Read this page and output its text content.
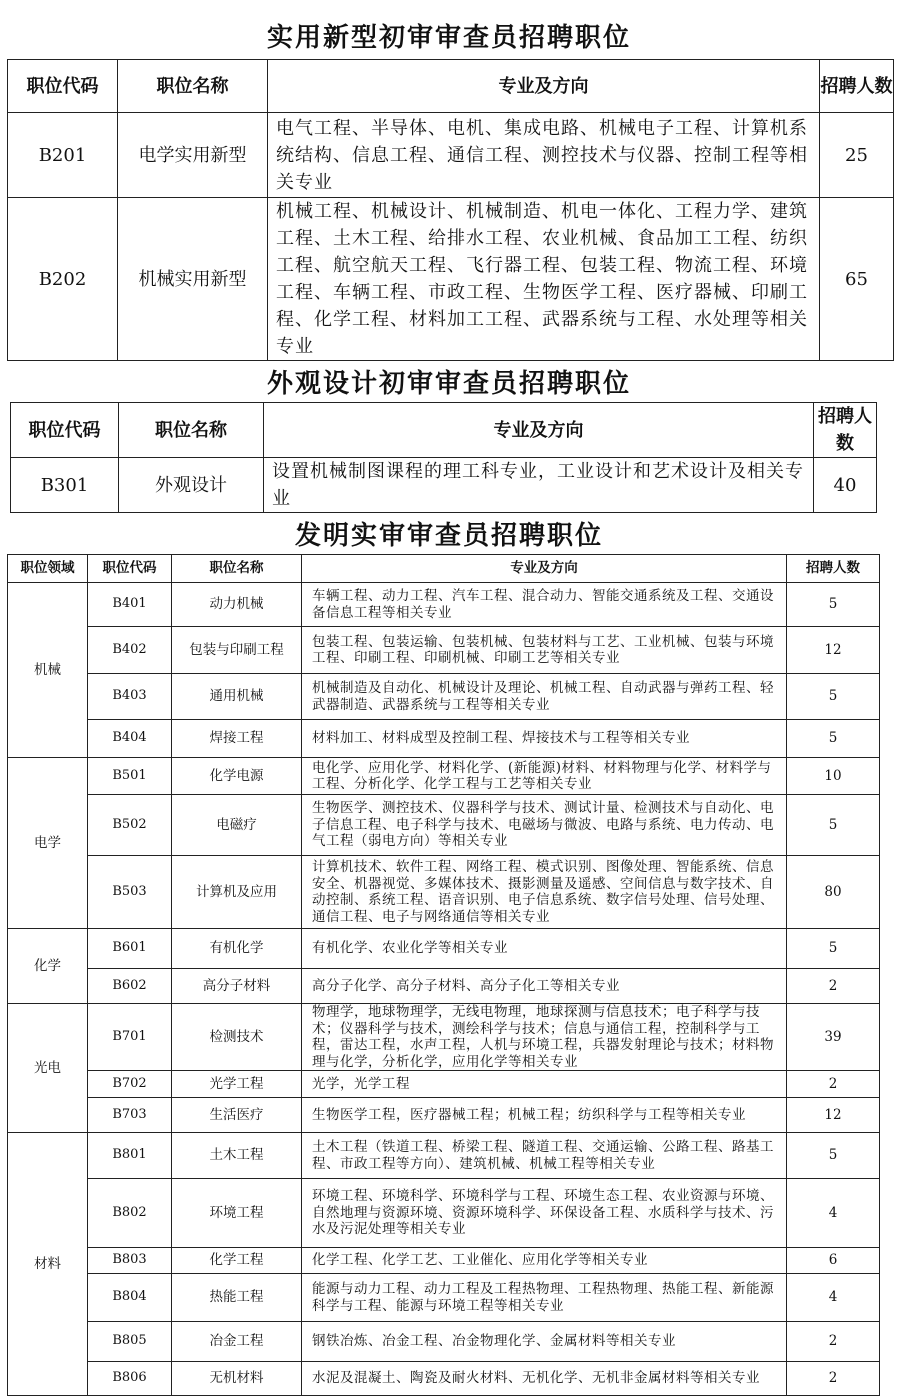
实用新型初审审查员招聘职位
职位代码	职位名称	专业及方向	招聘人数
B201	电学实用新型	电气工程、半导体、电机、集成电路、机械电子工程、计算机系统结构、信息工程、通信工程、测控技术与仪器、控制工程等相关专业	25
B202	机械实用新型	机械工程、机械设计、机械制造、机电一体化、工程力学、建筑工程、土木工程、给排水工程、农业机械、食品加工工程、纺织工程、航空航天工程、飞行器工程、包装工程、物流工程、环境工程、车辆工程、市政工程、生物医学工程、医疗器械、印刷工程、化学工程、材料加工工程、武器系统与工程、水处理等相关专业	65
外观设计初审审查员招聘职位
职位代码	职位名称	专业及方向	招聘人数
B301	外观设计	设置机械制图课程的理工科专业，工业设计和艺术设计及相关专业	40
发明实审审查员招聘职位
职位领域	职位代码	职位名称	专业及方向	招聘人数
机械	B401	动力机械	车辆工程、动力工程、汽车工程、混合动力、智能交通系统及工程、交通设备信息工程等相关专业	5
	B402	包装与印刷工程	包装工程、包装运输、包装机械、包装材料与工艺、工业机械、包装与环境工程、印刷工程、印刷机械、印刷工艺等相关专业	12
	B403	通用机械	机械制造及自动化、机械设计及理论、机械工程、自动武器与弹药工程、轻武器制造、武器系统与工程等相关专业	5
	B404	焊接工程	材料加工、材料成型及控制工程、焊接技术与工程等相关专业	5
电学	B501	化学电源	电化学、应用化学、材料化学、(新能源)材料、材料物理与化学、材料学与工程、分析化学、化学工程与工艺等相关专业	10
	B502	电磁疗	生物医学、测控技术、仪器科学与技术、测试计量、检测技术与自动化、电子信息工程、电子科学与技术、电磁场与微波、电路与系统、电力传动、电气工程（弱电方向）等相关专业	5
	B503	计算机及应用	计算机技术、软件工程、网络工程、模式识别、图像处理、智能系统、信息安全、机器视觉、多媒体技术、摄影测量及遥感、空间信息与数字技术、自动控制、系统工程、语音识别、电子信息系统、数字信号处理、信号处理、通信工程、电子与网络通信等相关专业	80
化学	B601	有机化学	有机化学、农业化学等相关专业	5
	B602	高分子材料	高分子化学、高分子材料、高分子化工等相关专业	2
光电	B701	检测技术	物理学，地球物理学，无线电物理，地球探测与信息技术；电子科学与技术；仪器科学与技术，测绘科学与技术；信息与通信工程，控制科学与工程，雷达工程，水声工程，人机与环境工程，兵器发射理论与技术；材料物理与化学，分析化学，应用化学等相关专业	39
	B702	光学工程	光学，光学工程	2
	B703	生活医疗	生物医学工程，医疗器械工程；机械工程；纺织科学与工程等相关专业	12
材料	B801	土木工程	土木工程（铁道工程、桥梁工程、隧道工程、交通运输、公路工程、路基工程、市政工程等方向）、建筑机械、机械工程等相关专业	5
	B802	环境工程	环境工程、环境科学、环境科学与工程、环境生态工程、农业资源与环境、自然地理与资源环境、资源环境科学、环保设备工程、水质科学与技术、污水及污泥处理等相关专业	4
	B803	化学工程	化学工程、化学工艺、工业催化、应用化学等相关专业	6
	B804	热能工程	能源与动力工程、动力工程及工程热物理、工程热物理、热能工程、新能源科学与工程、能源与环境工程等相关专业	4
	B805	冶金工程	钢铁冶炼、冶金工程、冶金物理化学、金属材料等相关专业	2
	B806	无机材料	水泥及混凝土、陶瓷及耐火材料、无机化学、无机非金属材料等相关专业	2
